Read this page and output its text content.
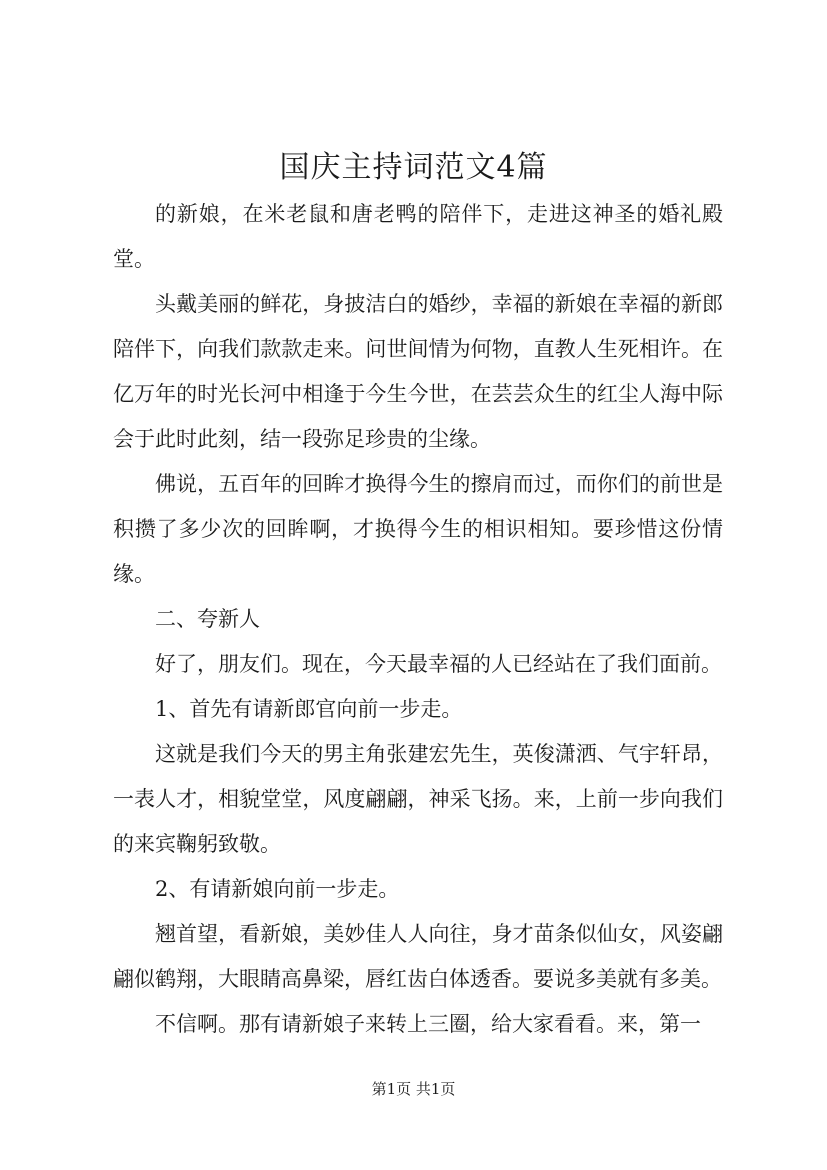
国庆主持词范文4篇

的新娘，在米老鼠和唐老鸭的陪伴下，走进这神圣的婚礼殿堂。

头戴美丽的鲜花，身披洁白的婚纱，幸福的新娘在幸福的新郎陪伴下，向我们款款走来。问世间情为何物，直教人生死相许。在亿万年的时光长河中相逢于今生今世，在芸芸众生的红尘人海中际会于此时此刻，结一段弥足珍贵的尘缘。

佛说，五百年的回眸才换得今生的擦肩而过，而你们的前世是积攒了多少次的回眸啊，才换得今生的相识相知。要珍惜这份情缘。

二、夸新人

好了，朋友们。现在，今天最幸福的人已经站在了我们面前。

1、首先有请新郎官向前一步走。

这就是我们今天的男主角张建宏先生，英俊潇洒、气宇轩昂，一表人才，相貌堂堂，风度翩翩，神采飞扬。来，上前一步向我们的来宾鞠躬致敬。

2、有请新娘向前一步走。

翘首望，看新娘，美妙佳人人向往，身才苗条似仙女，风姿翩翩似鹤翔，大眼睛高鼻梁，唇红齿白体透香。要说多美就有多美。

不信啊。那有请新娘子来转上三圈，给大家看看。来，第一

第1页 共1页
